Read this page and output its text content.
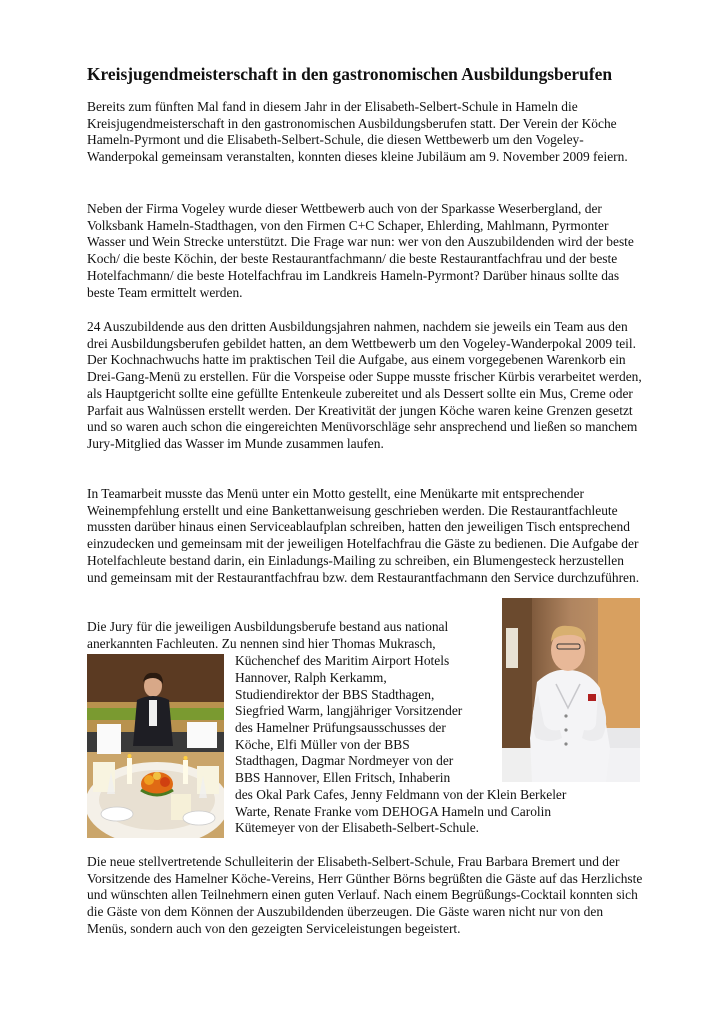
Kreisjugendmeisterschaft in den gastronomischen Ausbildungsberufen

Bereits zum fünften Mal fand in diesem Jahr in der Elisabeth-Selbert-Schule in Hameln die Kreisjugendmeisterschaft in den gastronomischen Ausbildungsberufen statt. Der Verein der Köche Hameln-Pyrmont und die Elisabeth-Selbert-Schule, die diesen Wettbewerb um den Vogeley-Wanderpokal gemeinsam veranstalten, konnten dieses kleine Jubiläum am 9. November 2009 feiern.

Neben der Firma Vogeley wurde dieser Wettbewerb auch von der Sparkasse Weserbergland, der Volksbank Hameln-Stadthagen, von den Firmen C+C Schaper, Ehlerding, Mahlmann, Pyrmonter Wasser und Wein Strecke unterstützt. Die Frage war nun: wer von den Auszubildenden wird der beste Koch/ die beste Köchin, der beste Restaurantfachmann/ die beste Restaurantfachfrau und der beste Hotelfachmann/ die beste Hotelfachfrau im Landkreis Hameln-Pyrmont? Darüber hinaus sollte das beste Team ermittelt werden.

24 Auszubildende aus den dritten Ausbildungsjahren nahmen, nachdem sie jeweils ein Team aus den drei Ausbildungsberufen gebildet hatten, an dem Wettbewerb um den Vogeley-Wanderpokal 2009 teil. Der Kochnachwuchs hatte im praktischen Teil die Aufgabe, aus einem vorgegebenen Warenkorb ein Drei-Gang-Menü zu erstellen. Für die Vorspeise oder Suppe musste frischer Kürbis verarbeitet werden, als Hauptgericht sollte eine gefüllte Entenkeule zubereitet und als Dessert sollte ein Mus, Creme oder Parfait aus Walnüssen erstellt werden. Der Kreativität der jungen Köche waren keine Grenzen gesetzt und so waren auch schon die eingereichten Menüvorschläge sehr ansprechend und ließen so manchem Jury-Mitglied das Wasser im Munde zusammen laufen.

In Teamarbeit musste das Menü unter ein Motto gestellt, eine Menükarte mit entsprechender Weinempfehlung erstellt und eine Bankettanweisung geschrieben werden. Die Restaurantfachleute mussten darüber hinaus einen Serviceablaufplan schreiben, hatten den jeweiligen Tisch entsprechend einzudecken und gemeinsam mit der jeweiligen Hotelfachfrau die Gäste zu bedienen. Die Aufgabe der Hotelfachleute bestand darin, ein Einladungs-Mailing zu schreiben, ein Blumengesteck herzustellen und gemeinsam mit der Restaurantfachfrau bzw. dem Restaurantfachmann den Service durchzuführen.

Die Jury für die jeweiligen Ausbildungsberufe bestand aus national

anerkannten Fachleuten. Zu nennen sind hier Thomas Mukrasch,

Küchenchef des Maritim Airport Hotels

Hannover, Ralph Kerkamm,

Studiendirektor der BBS Stadthagen,

Siegfried Warm, langjähriger Vorsitzender

des Hamelner Prüfungsausschusses der

Köche, Elfi Müller von der BBS

Stadthagen, Dagmar Nordmeyer von der

BBS Hannover, Ellen Fritsch, Inhaberin

des Okal Park Cafes, Jenny Feldmann von der Klein Berkeler

Warte, Renate Franke vom DEHOGA Hameln und Carolin

Kütemeyer von der Elisabeth-Selbert-Schule.

Die neue stellvertretende Schulleiterin der Elisabeth-Selbert-Schule, Frau Barbara Bremert und der Vorsitzende des Hamelner Köche-Vereins, Herr Günther Börns begrüßten die Gäste auf das Herzlichste und wünschten allen Teilnehmern einen guten Verlauf. Nach einem Begrüßungs-Cocktail konnten sich die Gäste von dem Können der Auszubildenden überzeugen. Die Gäste waren nicht nur von den Menüs, sondern auch von den gezeigten Serviceleistungen begeistert.
